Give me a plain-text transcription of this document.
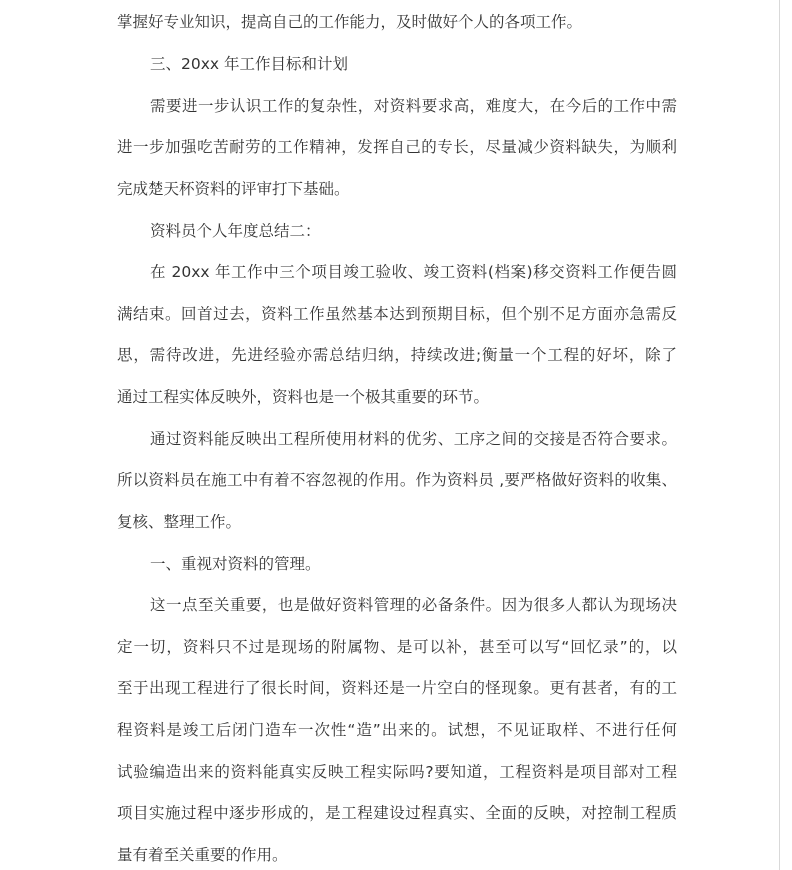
掌握好专业知识，提高自己的工作能力，及时做好个人的各项工作。
三、20xx 年工作目标和计划
需要进一步认识工作的复杂性，对资料要求高，难度大，在今后的工作中需
进一步加强吃苦耐劳的工作精神，发挥自己的专长，尽量减少资料缺失，为顺利
完成楚天杯资料的评审打下基础。
资料员个人年度总结二：
在 20xx 年工作中三个项目竣工验收、竣工资料(档案)移交资料工作便告圆
满结束。回首过去，资料工作虽然基本达到预期目标，但个别不足方面亦急需反
思，需待改进，先进经验亦需总结归纳，持续改进;衡量一个工程的好坏，除了
通过工程实体反映外，资料也是一个极其重要的环节。
通过资料能反映出工程所使用材料的优劣、工序之间的交接是否符合要求。
所以资料员在施工中有着不容忽视的作用。作为资料员 ,要严格做好资料的收集、
复核、整理工作。
一、重视对资料的管理。
这一点至关重要，也是做好资料管理的必备条件。因为很多人都认为现场决
定一切，资料只不过是现场的附属物、是可以补，甚至可以写“回忆录”的，以
至于出现工程进行了很长时间，资料还是一片空白的怪现象。更有甚者，有的工
程资料是竣工后闭门造车一次性“造”出来的。试想，不见证取样、不进行任何
试验编造出来的资料能真实反映工程实际吗?要知道，工程资料是项目部对工程
项目实施过程中逐步形成的，是工程建设过程真实、全面的反映，对控制工程质
量有着至关重要的作用。
